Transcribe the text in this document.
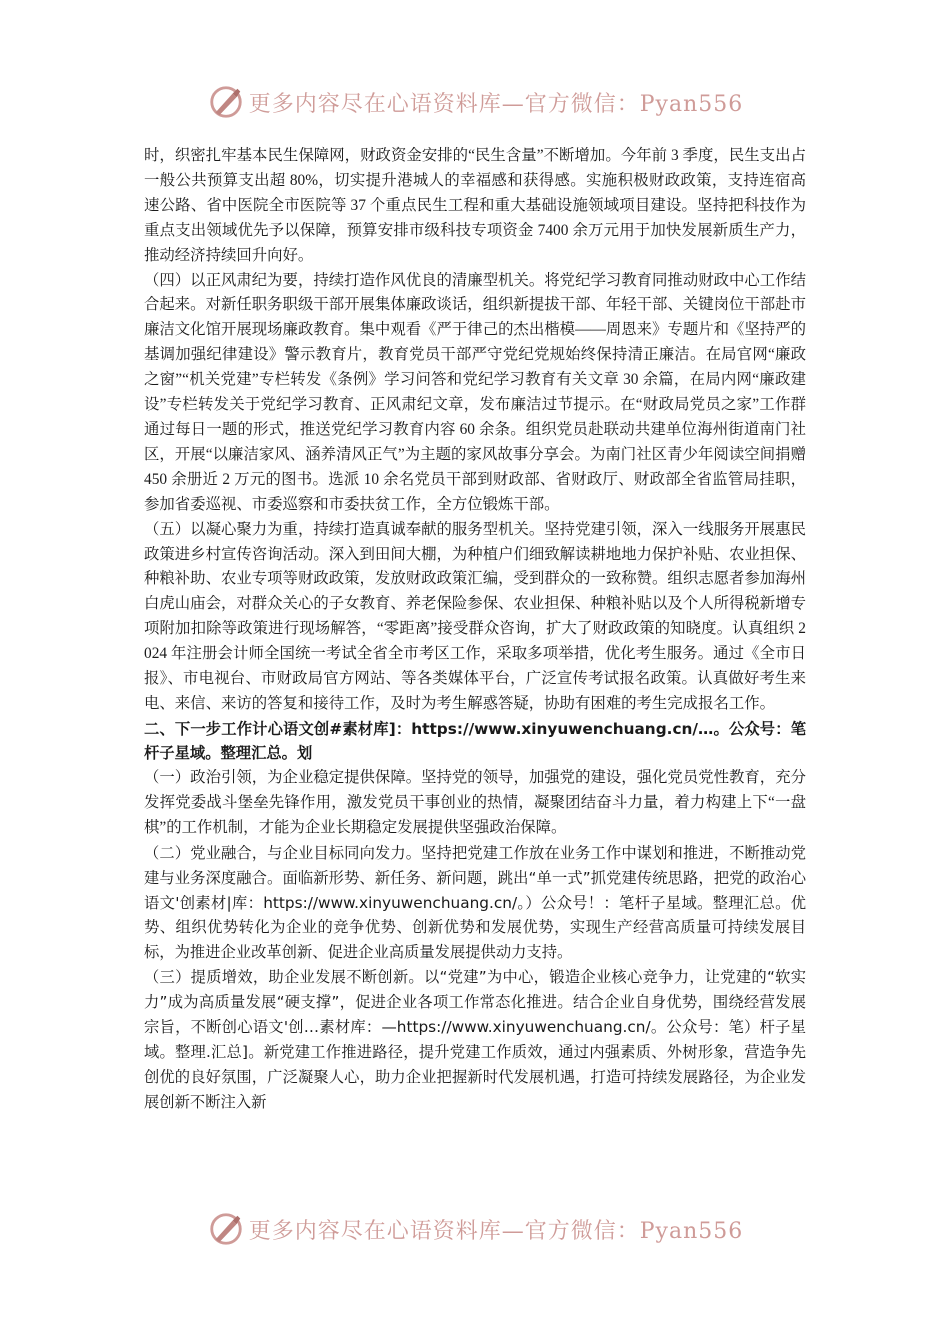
更多内容尽在心语资料库—官方微信：Pyan556

时，织密扎牢基本民生保障网，财政资金安排的“民生含量”不断增加。今年前 3 季度，民生支出占一般公共预算支出超 80%，切实提升港城人的幸福感和获得感。实施积极财政政策，支持连宿高速公路、省中医院全市医院等 37 个重点民生工程和重大基础设施领域项目建设。坚持把科技作为重点支出领域优先予以保障，预算安排市级科技专项资金 7400 余万元用于加快发展新质生产力，推动经济持续回升向好。

（四）以正风肃纪为要，持续打造作风优良的清廉型机关。将党纪学习教育同推动财政中心工作结合起来。对新任职务职级干部开展集体廉政谈话，组织新提拔干部、年轻干部、关键岗位干部赴市廉洁文化馆开展现场廉政教育。集中观看《严于律己的杰出楷模——周恩来》专题片和《坚持严的基调加强纪律建设》警示教育片，教育党员干部严守党纪党规始终保持清正廉洁。在局官网“廉政之窗”“机关党建”专栏转发《条例》学习问答和党纪学习教育有关文章 30 余篇，在局内网“廉政建设”专栏转发关于党纪学习教育、正风肃纪文章，发布廉洁过节提示。在“财政局党员之家”工作群通过每日一题的形式，推送党纪学习教育内容 60 余条。组织党员赴联动共建单位海州街道南门社区，开展“以廉洁家风、涵养清风正气”为主题的家风故事分享会。为南门社区青少年阅读空间捐赠 450 余册近 2 万元的图书。选派 10 余名党员干部到财政部、省财政厅、财政部全省监管局挂职，参加省委巡视、市委巡察和市委扶贫工作，全方位锻炼干部。

（五）以凝心聚力为重，持续打造真诚奉献的服务型机关。坚持党建引领，深入一线服务开展惠民政策进乡村宣传咨询活动。深入到田间大棚，为种植户们细致解读耕地地力保护补贴、农业担保、种粮补助、农业专项等财政政策，发放财政政策汇编，受到群众的一致称赞。组织志愿者参加海州白虎山庙会，对群众关心的子女教育、养老保险参保、农业担保、种粮补贴以及个人所得税新增专项附加扣除等政策进行现场解答，“零距离”接受群众咨询，扩大了财政政策的知晓度。认真组织 2024 年注册会计师全国统一考试全省全市考区工作，采取多项举措，优化考生服务。通过《全市日报》、市电视台、市财政局官方网站、等各类媒体平台，广泛宣传考试报名政策。认真做好考生来电、来信、来访的答复和接待工作，及时为考生解惑答疑，协助有困难的考生完成报名工作。

二、下一步工作计心语文创#素材库]：https://www.xinyuwenchuang.cn/…。公众号：笔杆子星域。整理汇总。划

（一）政治引领，为企业稳定提供保障。坚持党的领导，加强党的建设，强化党员党性教育，充分发挥党委战斗堡垒先锋作用，激发党员干事创业的热情，凝聚团结奋斗力量，着力构建上下“一盘棋”的工作机制，才能为企业长期稳定发展提供坚强政治保障。

（二）党业融合，与企业目标同向发力。坚持把党建工作放在业务工作中谋划和推进，不断推动党建与业务深度融合。面临新形势、新任务、新问题，跳出“单一式”抓党建传统思路，把党的政治心语文'创素材|库：https://www.xinyuwenchuang.cn/。）公众号！：笔杆子星域。整理汇总。优势、组织优势转化为企业的竞争优势、创新优势和发展优势，实现生产经营高质量可持续发展目标，为推进企业改革创新、促进企业高质量发展提供动力支持。

（三）提质增效，助企业发展不断创新。以“党建”为中心，锻造企业核心竞争力，让党建的“软实力”成为高质量发展“硬支撑”，促进企业各项工作常态化推进。结合企业自身优势，围绕经营发展宗旨，不断创心语文'创…素材库：—https://www.xinyuwenchuang.cn/。公众号：笔）杆子星域。整理.汇总]。新党建工作推进路径，提升党建工作质效，通过内强素质、外树形象，营造争先创优的良好氛围，广泛凝聚人心，助力企业把握新时代发展机遇，打造可持续发展路径，为企业发展创新不断注入新

更多内容尽在心语资料库—官方微信：Pyan556
